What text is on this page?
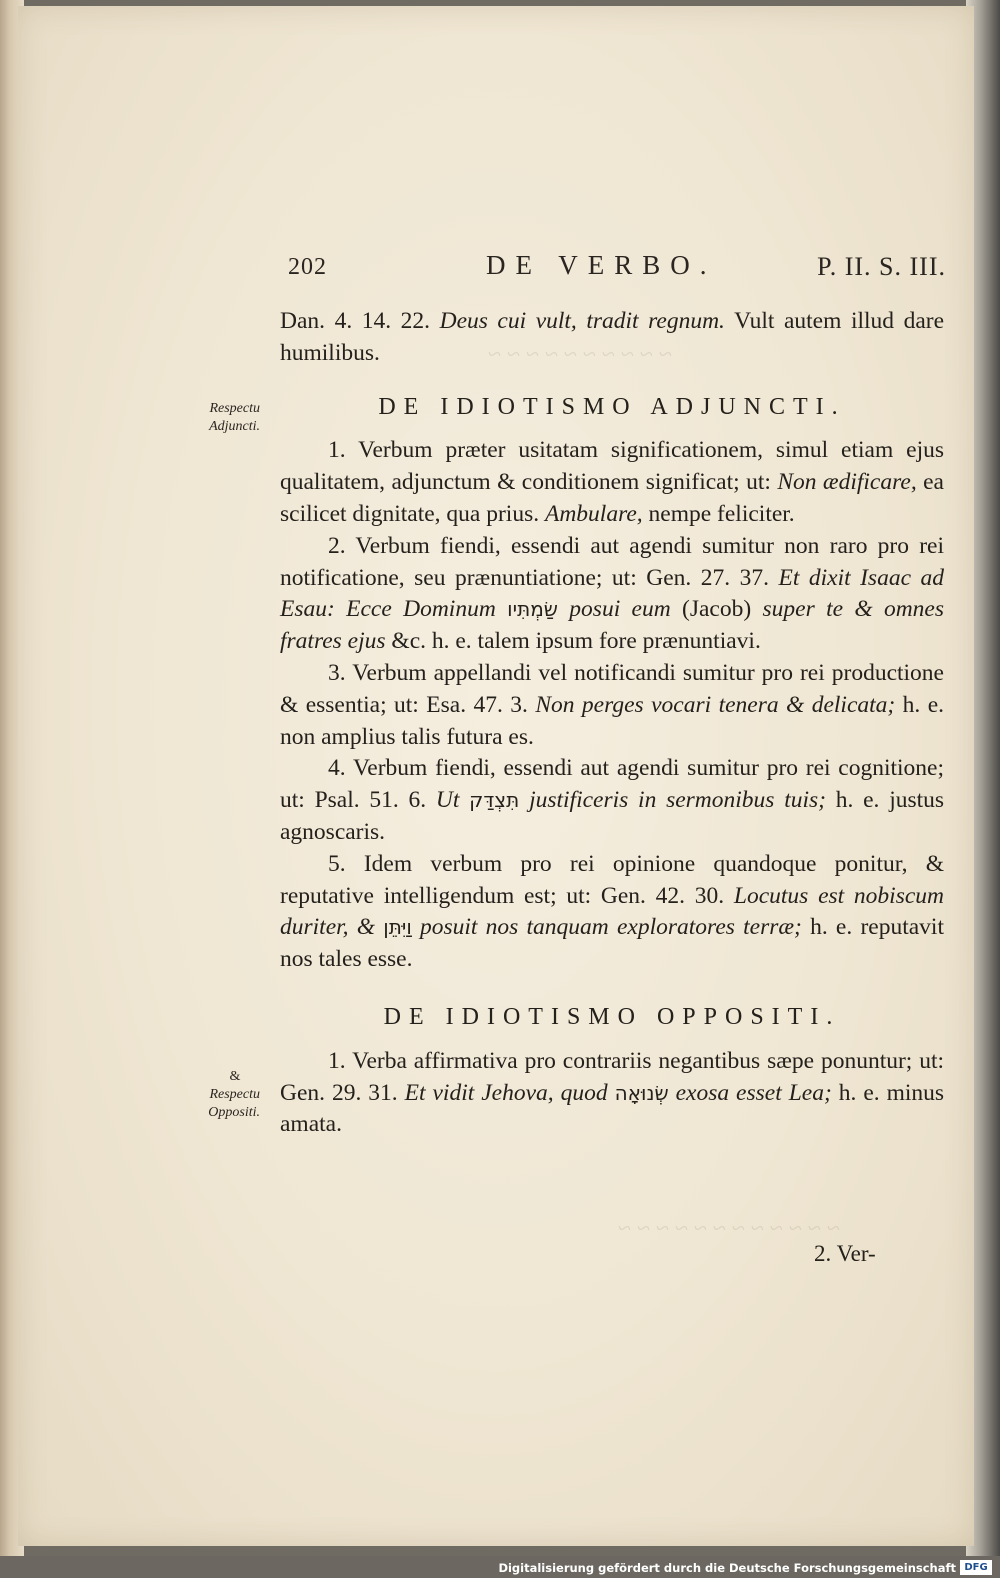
~ ~ ~ ~ ~ ~ ~ ~ ~ ~
~ ~ ~ ~ ~ ~ ~ ~ ~ ~ ~ ~
202	DE VERBO.	P. II. S. III.
Respectu
Adjuncti.
&
Respectu
Oppositi.

Dan. 4. 14. 22. Deus cui vult, tradit regnum. Vult autem illud dare humilibus.

DE IDIOTISMO ADJUNCTI.

1. Verbum præter usitatam significationem, simul etiam ejus qualitatem, adjunctum & conditionem significat; ut: Non ædificare, ea scilicet dignitate, qua prius. Ambulare, nempe feliciter.

2. Verbum fiendi, essendi aut agendi sumitur non raro pro rei notificatione, seu prænuntiatione; ut: Gen. 27. 37. Et dixit Isaac ad Esau: Ecce Dominum שַׂמְתִּיו posui eum (Jacob) super te & omnes fratres ejus &c. h. e. talem ipsum fore prænuntiavi.

3. Verbum appellandi vel notificandi sumitur pro rei productione & essentia; ut: Esa. 47. 3. Non perges vocari tenera & delicata; h. e. non amplius talis futura es.

4. Verbum fiendi, essendi aut agendi sumitur pro rei cognitione; ut: Psal. 51. 6. Ut תִּצְדַּק justificeris in sermonibus tuis; h. e. justus agnoscaris.

5. Idem verbum pro rei opinione quandoque ponitur, & reputative intelligendum est; ut: Gen. 42. 30. Locutus est nobiscum duriter, & וַיִּתֵּן posuit nos tanquam exploratores terræ; h. e. reputavit nos tales esse.

DE IDIOTISMO OPPOSITI.

1. Verba affirmativa pro contrariis negantibus sæpe ponuntur; ut: Gen. 29. 31. Et vidit Jehova, quod שְׂנוּאָה exosa esset Lea; h. e. minus amata.

2. Ver-
Digitalisierung gefördert durch die Deutsche Forschungsgemeinschaft DFG
